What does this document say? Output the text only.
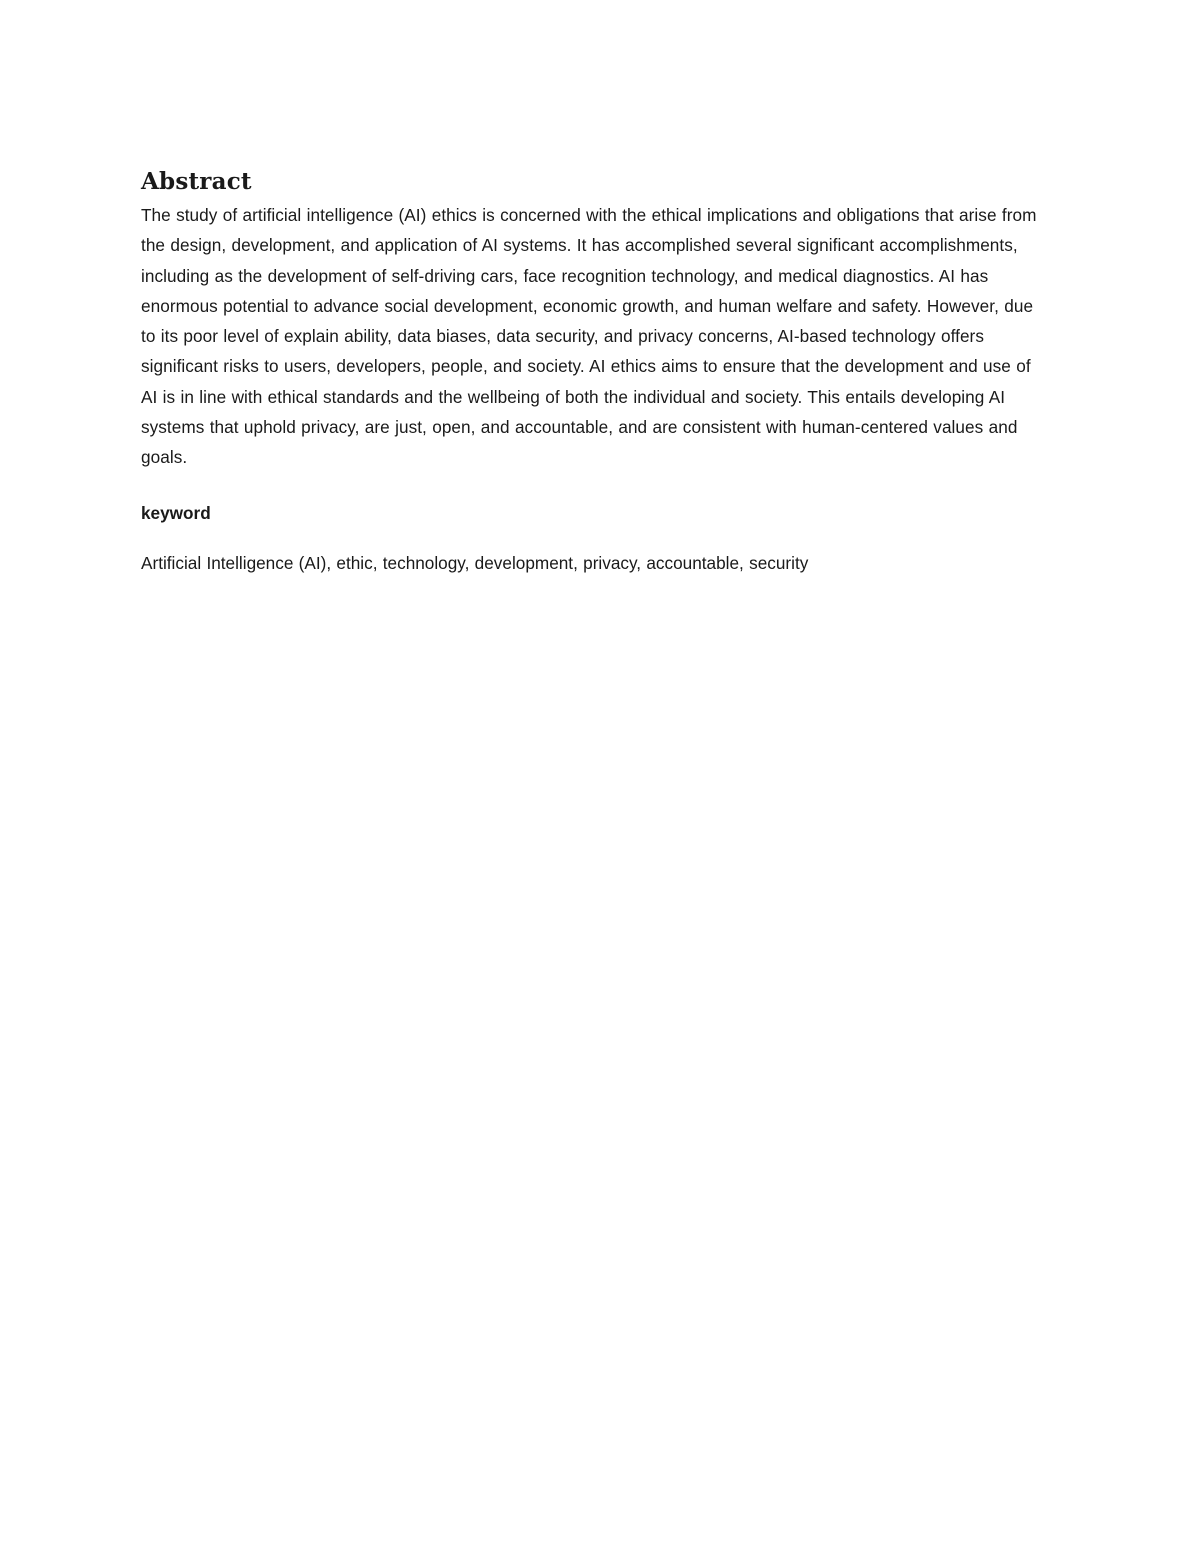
Abstract

The study of artificial intelligence (AI) ethics is concerned with the ethical implications and obligations that arise from the design, development, and application of AI systems. It has accomplished several significant accomplishments, including as the development of self-driving cars, face recognition technology, and medical diagnostics. AI has enormous potential to advance social development, economic growth, and human welfare and safety. However, due to its poor level of explain ability, data biases, data security, and privacy concerns, AI-based technology offers significant risks to users, developers, people, and society. AI ethics aims to ensure that the development and use of AI is in line with ethical standards and the wellbeing of both the individual and society. This entails developing AI systems that uphold privacy, are just, open, and accountable, and are consistent with human-centered values and goals.

keyword

Artificial Intelligence (AI), ethic, technology, development, privacy, accountable, security
